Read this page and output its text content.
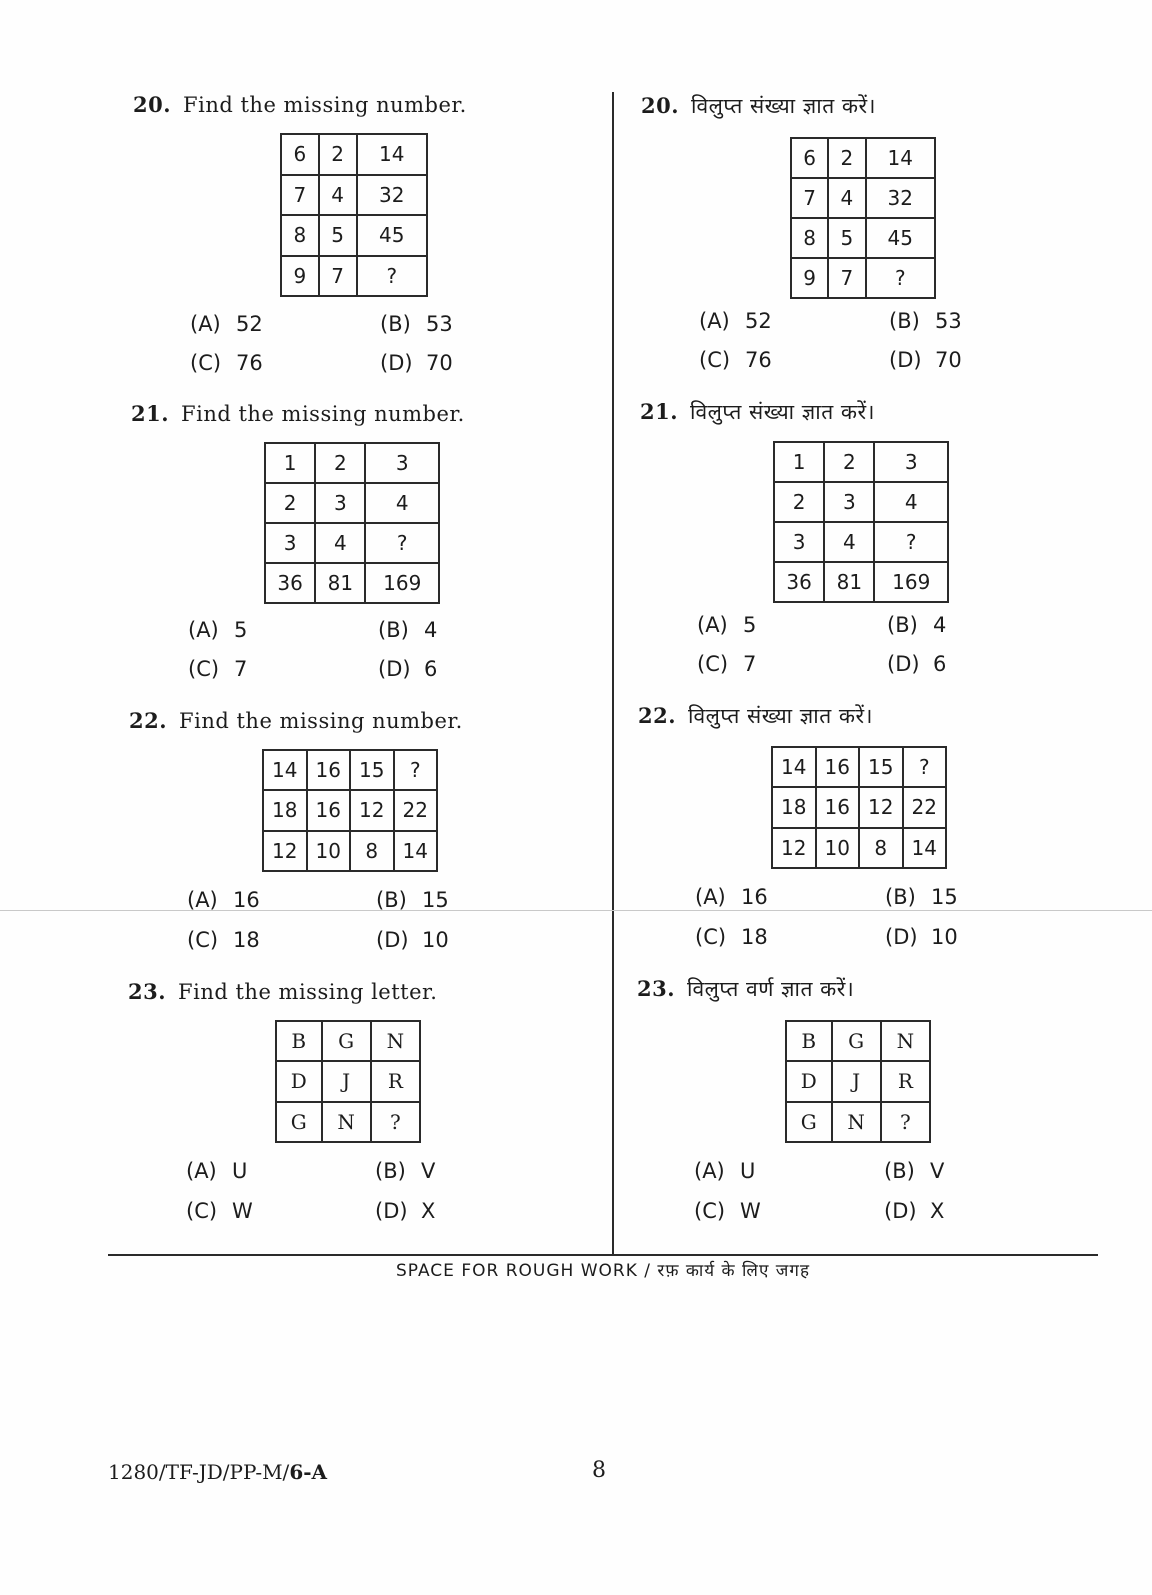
20. Find the missing number.
6	2	14
7	4	32
8	5	45
9	7	?
(A) 52	(B) 53
(C) 76	(D) 70
21. Find the missing number.
1	2	3
2	3	4
3	4	?
36	81	169
(A) 5	(B) 4
(C) 7	(D) 6
22. Find the missing number.
14	16	15	?
18	16	12	22
12	10	8	14
(A) 16	(B) 15
(C) 18	(D) 10
23. Find the missing letter.
B	G	N
D	J	R
G	N	?
(A) U	(B) V
(C) W	(D) X
20. विलुप्त संख्या ज्ञात करें।
6	2	14
7	4	32
8	5	45
9	7	?
(A) 52	(B) 53
(C) 76	(D) 70
21. विलुप्त संख्या ज्ञात करें।
1	2	3
2	3	4
3	4	?
36	81	169
(A) 5	(B) 4
(C) 7	(D) 6
22. विलुप्त संख्या ज्ञात करें।
14	16	15	?
18	16	12	22
12	10	8	14
(A) 16	(B) 15
(C) 18	(D) 10
23. विलुप्त वर्ण ज्ञात करें।
B	G	N
D	J	R
G	N	?
(A) U	(B) V
(C) W	(D) X
SPACE FOR ROUGH WORK / रफ़ कार्य के लिए जगह
1280/TF-JD/PP-M/6-A	8
